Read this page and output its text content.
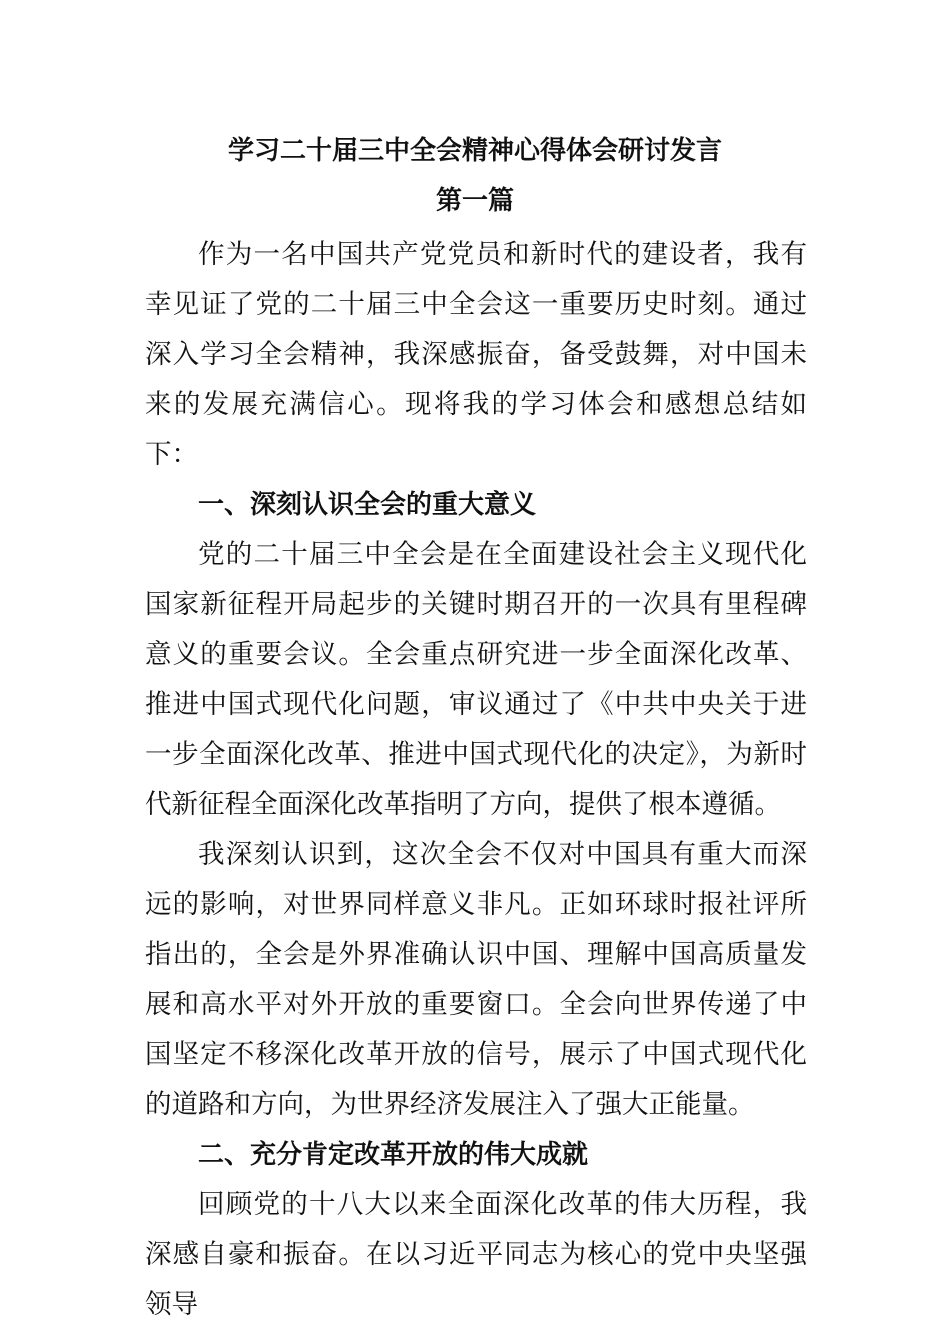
学习二十届三中全会精神心得体会研讨发言
第一篇

作为一名中国共产党党员和新时代的建设者，我有幸见证了党的二十届三中全会这一重要历史时刻。通过深入学习全会精神，我深感振奋，备受鼓舞，对中国未来的发展充满信心。现将我的学习体会和感想总结如下：

一、深刻认识全会的重大意义

党的二十届三中全会是在全面建设社会主义现代化国家新征程开局起步的关键时期召开的一次具有里程碑意义的重要会议。全会重点研究进一步全面深化改革、推进中国式现代化问题，审议通过了《中共中央关于进一步全面深化改革、推进中国式现代化的决定》，为新时代新征程全面深化改革指明了方向，提供了根本遵循。

我深刻认识到，这次全会不仅对中国具有重大而深远的影响，对世界同样意义非凡。正如环球时报社评所指出的，全会是外界准确认识中国、理解中国高质量发展和高水平对外开放的重要窗口。全会向世界传递了中国坚定不移深化改革开放的信号，展示了中国式现代化的道路和方向，为世界经济发展注入了强大正能量。

二、充分肯定改革开放的伟大成就

回顾党的十八大以来全面深化改革的伟大历程，我深感自豪和振奋。在以习近平同志为核心的党中央坚强领导
